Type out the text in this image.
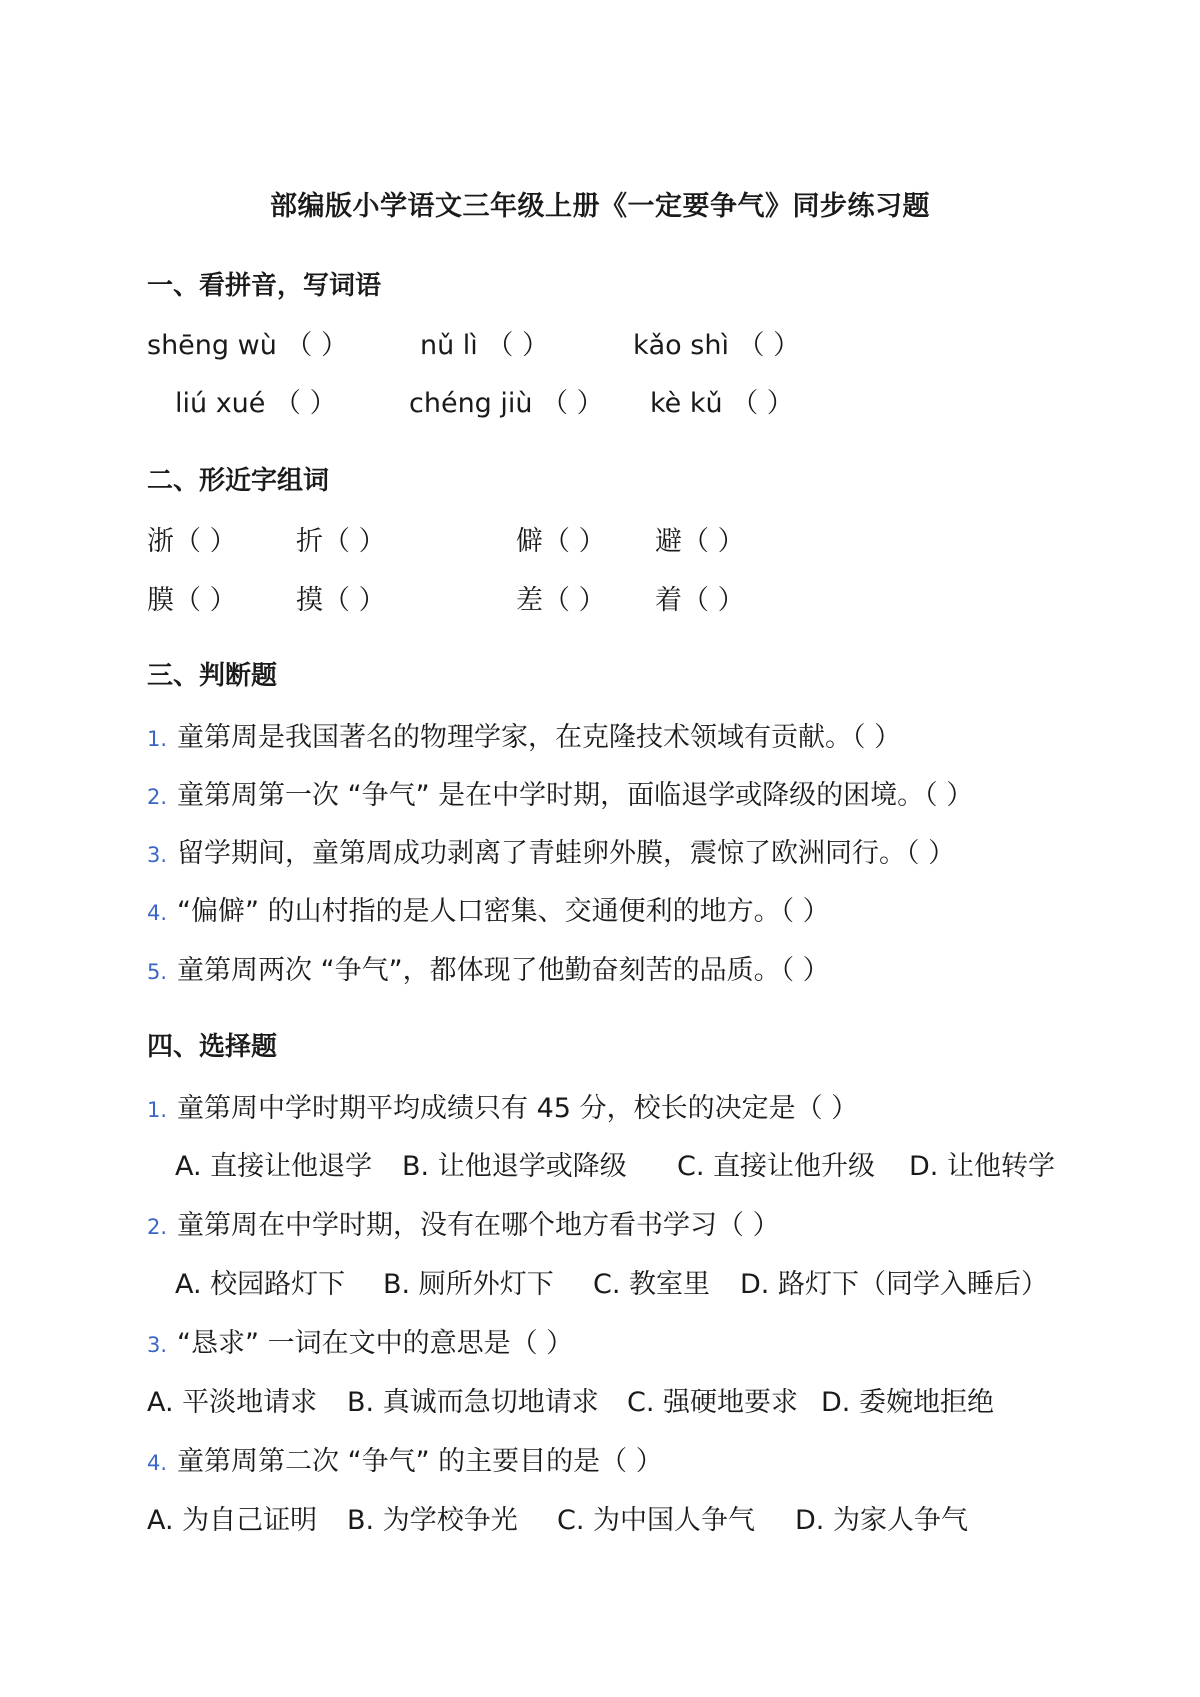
部编版小学语文三年级上册《一定要争气》同步练习题
一、看拼音，写词语
shēng wù （ ）	nǔ lì （ ）	kǎo shì （ ）
liú xué （ ）	chéng jiù （ ） kè kǔ （ ）
二、形近字组词
浙（ ） 折（ ）	僻（ ） 避（ ）
膜（ ） 摸（ ）	差（ ） 着（ ）
三、判断题
1. 童第周是我国著名的物理学家，在克隆技术领域有贡献。（ ）
2. 童第周第一次 “争气” 是在中学时期，面临退学或降级的困境。（ ）
3. 留学期间，童第周成功剥离了青蛙卵外膜，震惊了欧洲同行。（ ）
4. “偏僻” 的山村指的是人口密集、交通便利的地方。（ ）
5. 童第周两次 “争气”，都体现了他勤奋刻苦的品质。（ ）
四、选择题
1. 童第周中学时期平均成绩只有 45 分，校长的决定是（ ）
A. 直接让他退学 B. 让他退学或降级 C. 直接让他升级 D. 让他转学
2. 童第周在中学时期，没有在哪个地方看书学习（ ）
A. 校园路灯下 B. 厕所外灯下 C. 教室里 D. 路灯下（同学入睡后）
3. “恳求” 一词在文中的意思是（ ）
A. 平淡地请求 B. 真诚而急切地请求 C. 强硬地要求 D. 委婉地拒绝
4. 童第周第二次 “争气” 的主要目的是（ ）
A. 为自己证明 B. 为学校争光 C. 为中国人争气 D. 为家人争气
